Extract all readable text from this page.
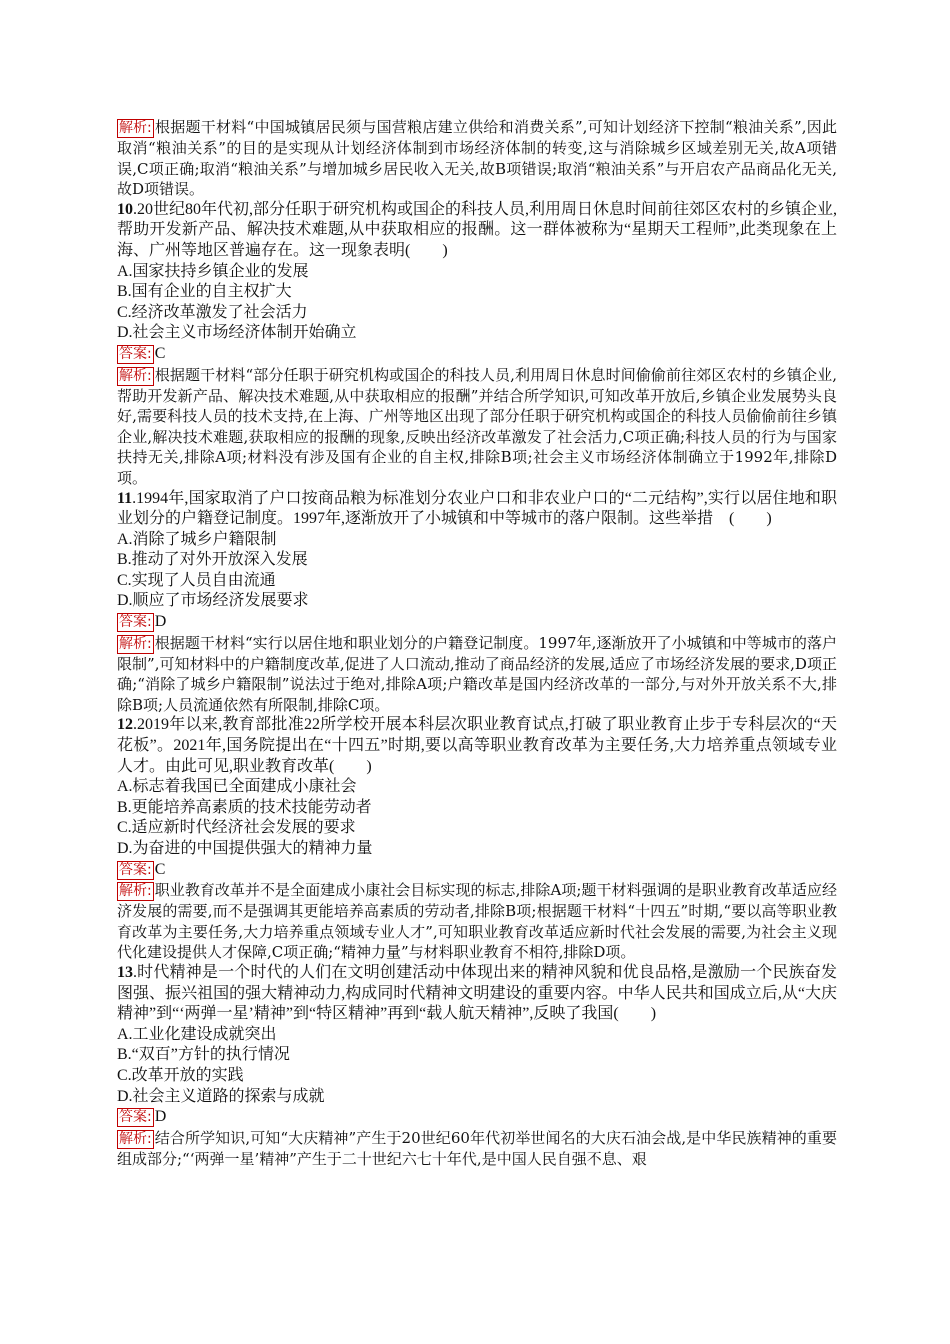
解析: 根据题干材料“中国城镇居民须与国营粮店建立供给和消费关系”,可知计划经济下控制“粮油关系”,因此取消“粮油关系”的目的是实现从计划经济体制到市场经济体制的转变,这与消除城乡区域差别无关,故A项错误,C项正确;取消“粮油关系”与增加城乡居民收入无关,故B项错误;取消“粮油关系”与开启农产品商品化无关,故D项错误。

10.20世纪80年代初,部分任职于研究机构或国企的科技人员,利用周日休息时间前往郊区农村的乡镇企业,帮助开发新产品、解决技术难题,从中获取相应的报酬。这一群体被称为“星期天工程师”,此类现象在上海、广州等地区普遍存在。这一现象表明(　　)

A.国家扶持乡镇企业的发展

B.国有企业的自主权扩大

C.经济改革激发了社会活力

D.社会主义市场经济体制开始确立

答案: C

解析: 根据题干材料“部分任职于研究机构或国企的科技人员,利用周日休息时间偷偷前往郊区农村的乡镇企业,帮助开发新产品、解决技术难题,从中获取相应的报酬”并结合所学知识,可知改革开放后,乡镇企业发展势头良好,需要科技人员的技术支持,在上海、广州等地区出现了部分任职于研究机构或国企的科技人员偷偷前往乡镇企业,解决技术难题,获取相应的报酬的现象,反映出经济改革激发了社会活力,C项正确;科技人员的行为与国家扶持无关,排除A项;材料没有涉及国有企业的自主权,排除B项;社会主义市场经济体制确立于1992年,排除D项。

11.1994年,国家取消了户口按商品粮为标准划分农业户口和非农业户口的“二元结构”,实行以居住地和职业划分的户籍登记制度。1997年,逐渐放开了小城镇和中等城市的落户限制。这些举措　(　　)

A.消除了城乡户籍限制

B.推动了对外开放深入发展

C.实现了人员自由流通

D.顺应了市场经济发展要求

答案: D

解析: 根据题干材料“实行以居住地和职业划分的户籍登记制度。1997年,逐渐放开了小城镇和中等城市的落户限制”,可知材料中的户籍制度改革,促进了人口流动,推动了商品经济的发展,适应了市场经济发展的要求,D项正确;“消除了城乡户籍限制”说法过于绝对,排除A项;户籍改革是国内经济改革的一部分,与对外开放关系不大,排除B项;人员流通依然有所限制,排除C项。

12.2019年以来,教育部批准22所学校开展本科层次职业教育试点,打破了职业教育止步于专科层次的“天花板”。2021年,国务院提出在“十四五”时期,要以高等职业教育改革为主要任务,大力培养重点领域专业人才。由此可见,职业教育改革(　　)

A.标志着我国已全面建成小康社会

B.更能培养高素质的技术技能劳动者

C.适应新时代经济社会发展的要求

D.为奋进的中国提供强大的精神力量

答案: C

解析: 职业教育改革并不是全面建成小康社会目标实现的标志,排除A项;题干材料强调的是职业教育改革适应经济发展的需要,而不是强调其更能培养高素质的劳动者,排除B项;根据题干材料“十四五”时期,“要以高等职业教育改革为主要任务,大力培养重点领域专业人才”,可知职业教育改革适应新时代社会发展的需要,为社会主义现代化建设提供人才保障,C项正确;“精神力量”与材料职业教育不相符,排除D项。

13.时代精神是一个时代的人们在文明创建活动中体现出来的精神风貌和优良品格,是激励一个民族奋发图强、振兴祖国的强大精神动力,构成同时代精神文明建设的重要内容。中华人民共和国成立后,从“大庆精神”到“‘两弹一星’精神”到“特区精神”再到“载人航天精神”,反映了我国(　　)

A.工业化建设成就突出

B.“双百”方针的执行情况

C.改革开放的实践

D.社会主义道路的探索与成就

答案: D

解析: 结合所学知识,可知“大庆精神”产生于20世纪60年代初举世闻名的大庆石油会战,是中华民族精神的重要组成部分;“‘两弹一星’精神”产生于二十世纪六七十年代,是中国人民自强不息、艰
